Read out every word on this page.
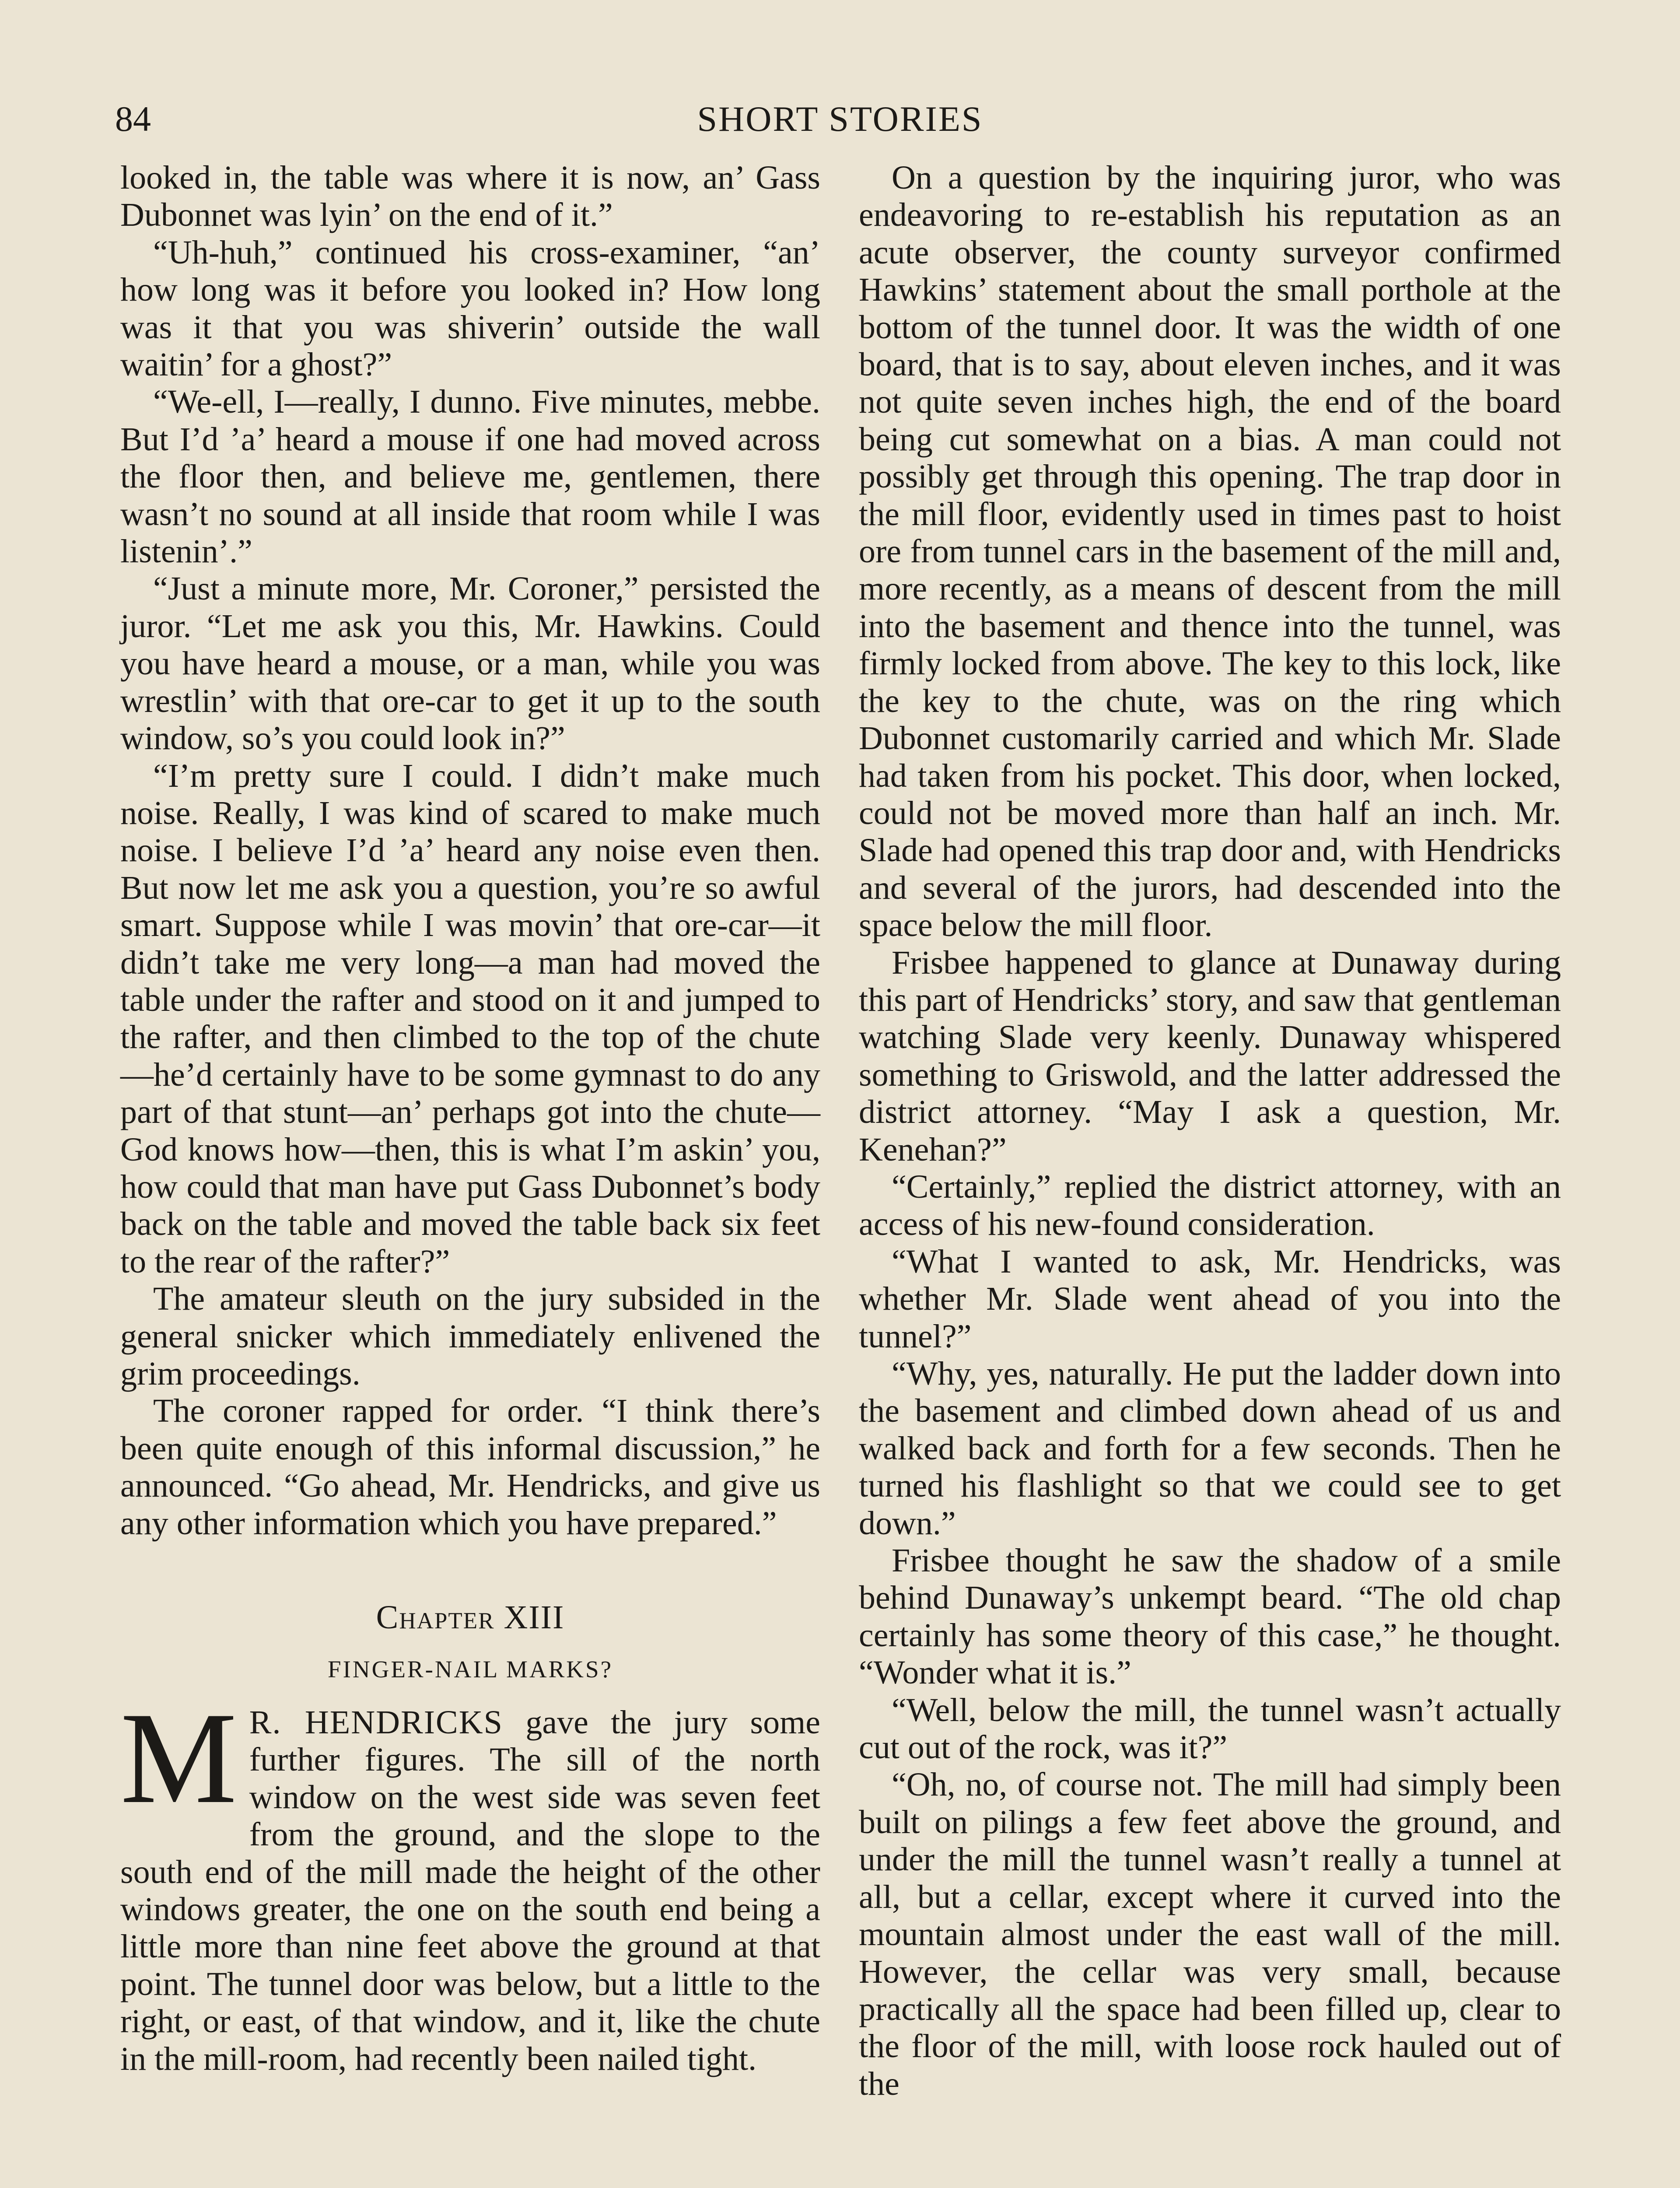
84	SHORT STORIES

looked in, the table was where it is now, an’ Gass Dubonnet was lyin’ on the end of it.”

“Uh-huh,” continued his cross-examiner, “an’ how long was it before you looked in? How long was it that you was shiverin’ outside the wall waitin’ for a ghost?”

“We-ell, I—really, I dunno. Five minutes, mebbe. But I’d ’a’ heard a mouse if one had moved across the floor then, and believe me, gentlemen, there wasn’t no sound at all inside that room while I was listenin’.”

“Just a minute more, Mr. Coroner,” persisted the juror. “Let me ask you this, Mr. Hawkins. Could you have heard a mouse, or a man, while you was wrestlin’ with that ore-car to get it up to the south window, so’s you could look in?”

“I’m pretty sure I could. I didn’t make much noise. Really, I was kind of scared to make much noise. I believe I’d ’a’ heard any noise even then. But now let me ask you a question, you’re so awful smart. Suppose while I was movin’ that ore-car—it didn’t take me very long—a man had moved the table under the rafter and stood on it and jumped to the rafter, and then climbed to the top of the chute —he’d certainly have to be some gymnast to do any part of that stunt—an’ perhaps got into the chute—God knows how—then, this is what I’m askin’ you, how could that man have put Gass Dubonnet’s body back on the table and moved the table back six feet to the rear of the rafter?”

The amateur sleuth on the jury subsided in the general snicker which immediately enlivened the grim proceedings.

The coroner rapped for order. “I think there’s been quite enough of this informal discussion,” he announced. “Go ahead, Mr. Hendricks, and give us any other information which you have prepared.”

Chapter XIII
FINGER-NAIL MARKS?

M R. HENDRICKS gave the jury some further figures. The sill of the north window on the west side was seven feet from the ground, and the slope to the south end of the mill made the height of the other windows greater, the one on the south end being a little more than nine feet above the ground at that point. The tunnel door was below, but a little to the right, or east, of that window, and it, like the chute in the mill-room, had recently been nailed tight.

On a question by the inquiring juror, who was endeavoring to re-establish his reputation as an acute observer, the county surveyor confirmed Hawkins’ statement about the small porthole at the bottom of the tunnel door. It was the width of one board, that is to say, about eleven inches, and it was not quite seven inches high, the end of the board being cut somewhat on a bias. A man could not possibly get through this opening. The trap door in the mill floor, evidently used in times past to hoist ore from tunnel cars in the basement of the mill and, more recently, as a means of descent from the mill into the basement and thence into the tunnel, was firmly locked from above. The key to this lock, like the key to the chute, was on the ring which Dubonnet customarily carried and which Mr. Slade had taken from his pocket. This door, when locked, could not be moved more than half an inch. Mr. Slade had opened this trap door and, with Hendricks and several of the jurors, had descended into the space below the mill floor.

Frisbee happened to glance at Dunaway during this part of Hendricks’ story, and saw that gentleman watching Slade very keenly. Dunaway whispered something to Griswold, and the latter addressed the district attorney. “May I ask a question, Mr. Kenehan?”

“Certainly,” replied the district attorney, with an access of his new-found consideration.

“What I wanted to ask, Mr. Hendricks, was whether Mr. Slade went ahead of you into the tunnel?”

“Why, yes, naturally. He put the ladder down into the basement and climbed down ahead of us and walked back and forth for a few seconds. Then he turned his flashlight so that we could see to get down.”

Frisbee thought he saw the shadow of a smile behind Dunaway’s unkempt beard. “The old chap certainly has some theory of this case,” he thought. “Wonder what it is.”

“Well, below the mill, the tunnel wasn’t actually cut out of the rock, was it?”

“Oh, no, of course not. The mill had simply been built on pilings a few feet above the ground, and under the mill the tunnel wasn’t really a tunnel at all, but a cellar, except where it curved into the mountain almost under the east wall of the mill. However, the cellar was very small, because practically all the space had been filled up, clear to the floor of the mill, with loose rock hauled out of the
